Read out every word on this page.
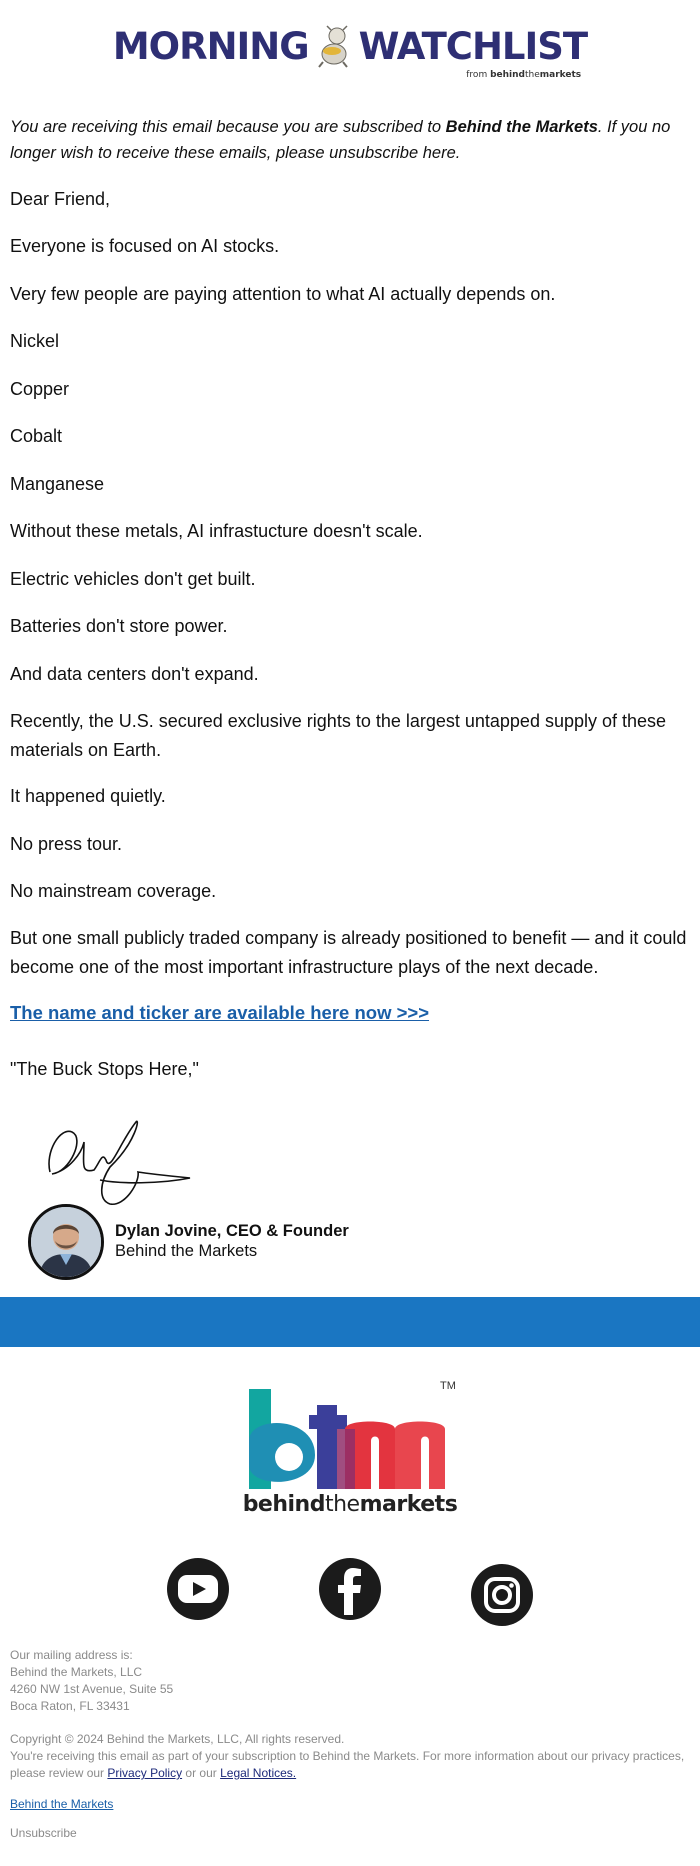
MORNING WATCHLIST
from behindthemarkets
You are receiving this email because you are subscribed to Behind the Markets. If you no longer wish to receive these emails, please unsubscribe here.
Dear Friend,
Everyone is focused on AI stocks.
Very few people are paying attention to what AI actually depends on.
Nickel
Copper
Cobalt
Manganese
Without these metals, AI infrastucture doesn't scale.
Electric vehicles don't get built.
Batteries don't store power.
And data centers don't expand.
Recently, the U.S. secured exclusive rights to the largest untapped supply of these materials on Earth.
It happened quietly.
No press tour.
No mainstream coverage.
But one small publicly traded company is already positioned to benefit — and it could become one of the most important infrastructure plays of the next decade.
The name and ticker are available here now >>>
"The Buck Stops Here,"
Dylan Jovine, CEO & Founder
Behind the Markets
TM
behindthemarkets
Our mailing address is:
Behind the Markets, LLC
4260 NW 1st Avenue, Suite 55
Boca Raton, FL 33431
Copyright © 2024 Behind the Markets, LLC, All rights reserved.
You're receiving this email as part of your subscription to Behind the Markets. For more information about our privacy practices, please review our Privacy Policy or our Legal Notices.
Behind the Markets
Unsubscribe
